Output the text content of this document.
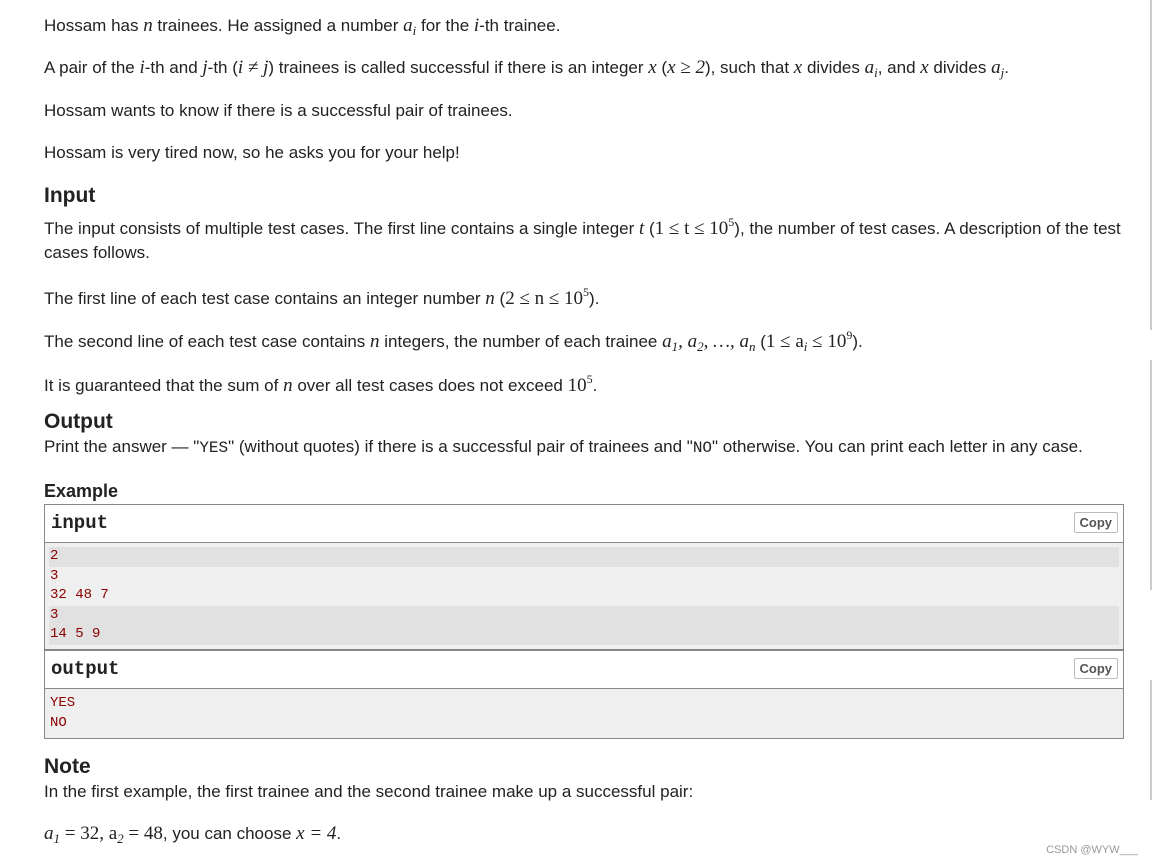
Hossam has n trainees. He assigned a number $a_i$ for the i-th trainee.
A pair of the i-th and j-th (i ≠ j) trainees is called successful if there is an integer x (x ≥ 2), such that x divides $a_i$, and x divides $a_j$.
Hossam wants to know if there is a successful pair of trainees.
Hossam is very tired now, so he asks you for your help!
Input
The input consists of multiple test cases. The first line contains a single integer t $(1 \le t \le 10^5)$, the number of test cases. A description of the test cases follows.
The first line of each test case contains an integer number n $(2 \le n \le 10^5)$.
The second line of each test case contains n integers, the number of each trainee $a_1$, $a_2$, …, $a_n$ $(1 \le a_i \le 10^9)$.
It is guaranteed that the sum of n over all test cases does not exceed $10^5$.
Output
Print the answer — "YES" (without quotes) if there is a successful pair of trainees and "NO" otherwise. You can print each letter in any case.
Example
Note
In the first example, the first trainee and the second trainee make up a successful pair:
$a_1 = 32$, $a_2 = 48$, you can choose x = 4.
input	Copy
2
3
32 48 7
3
14 5 9
output	Copy
YES
NO
CSDN @WYW___
